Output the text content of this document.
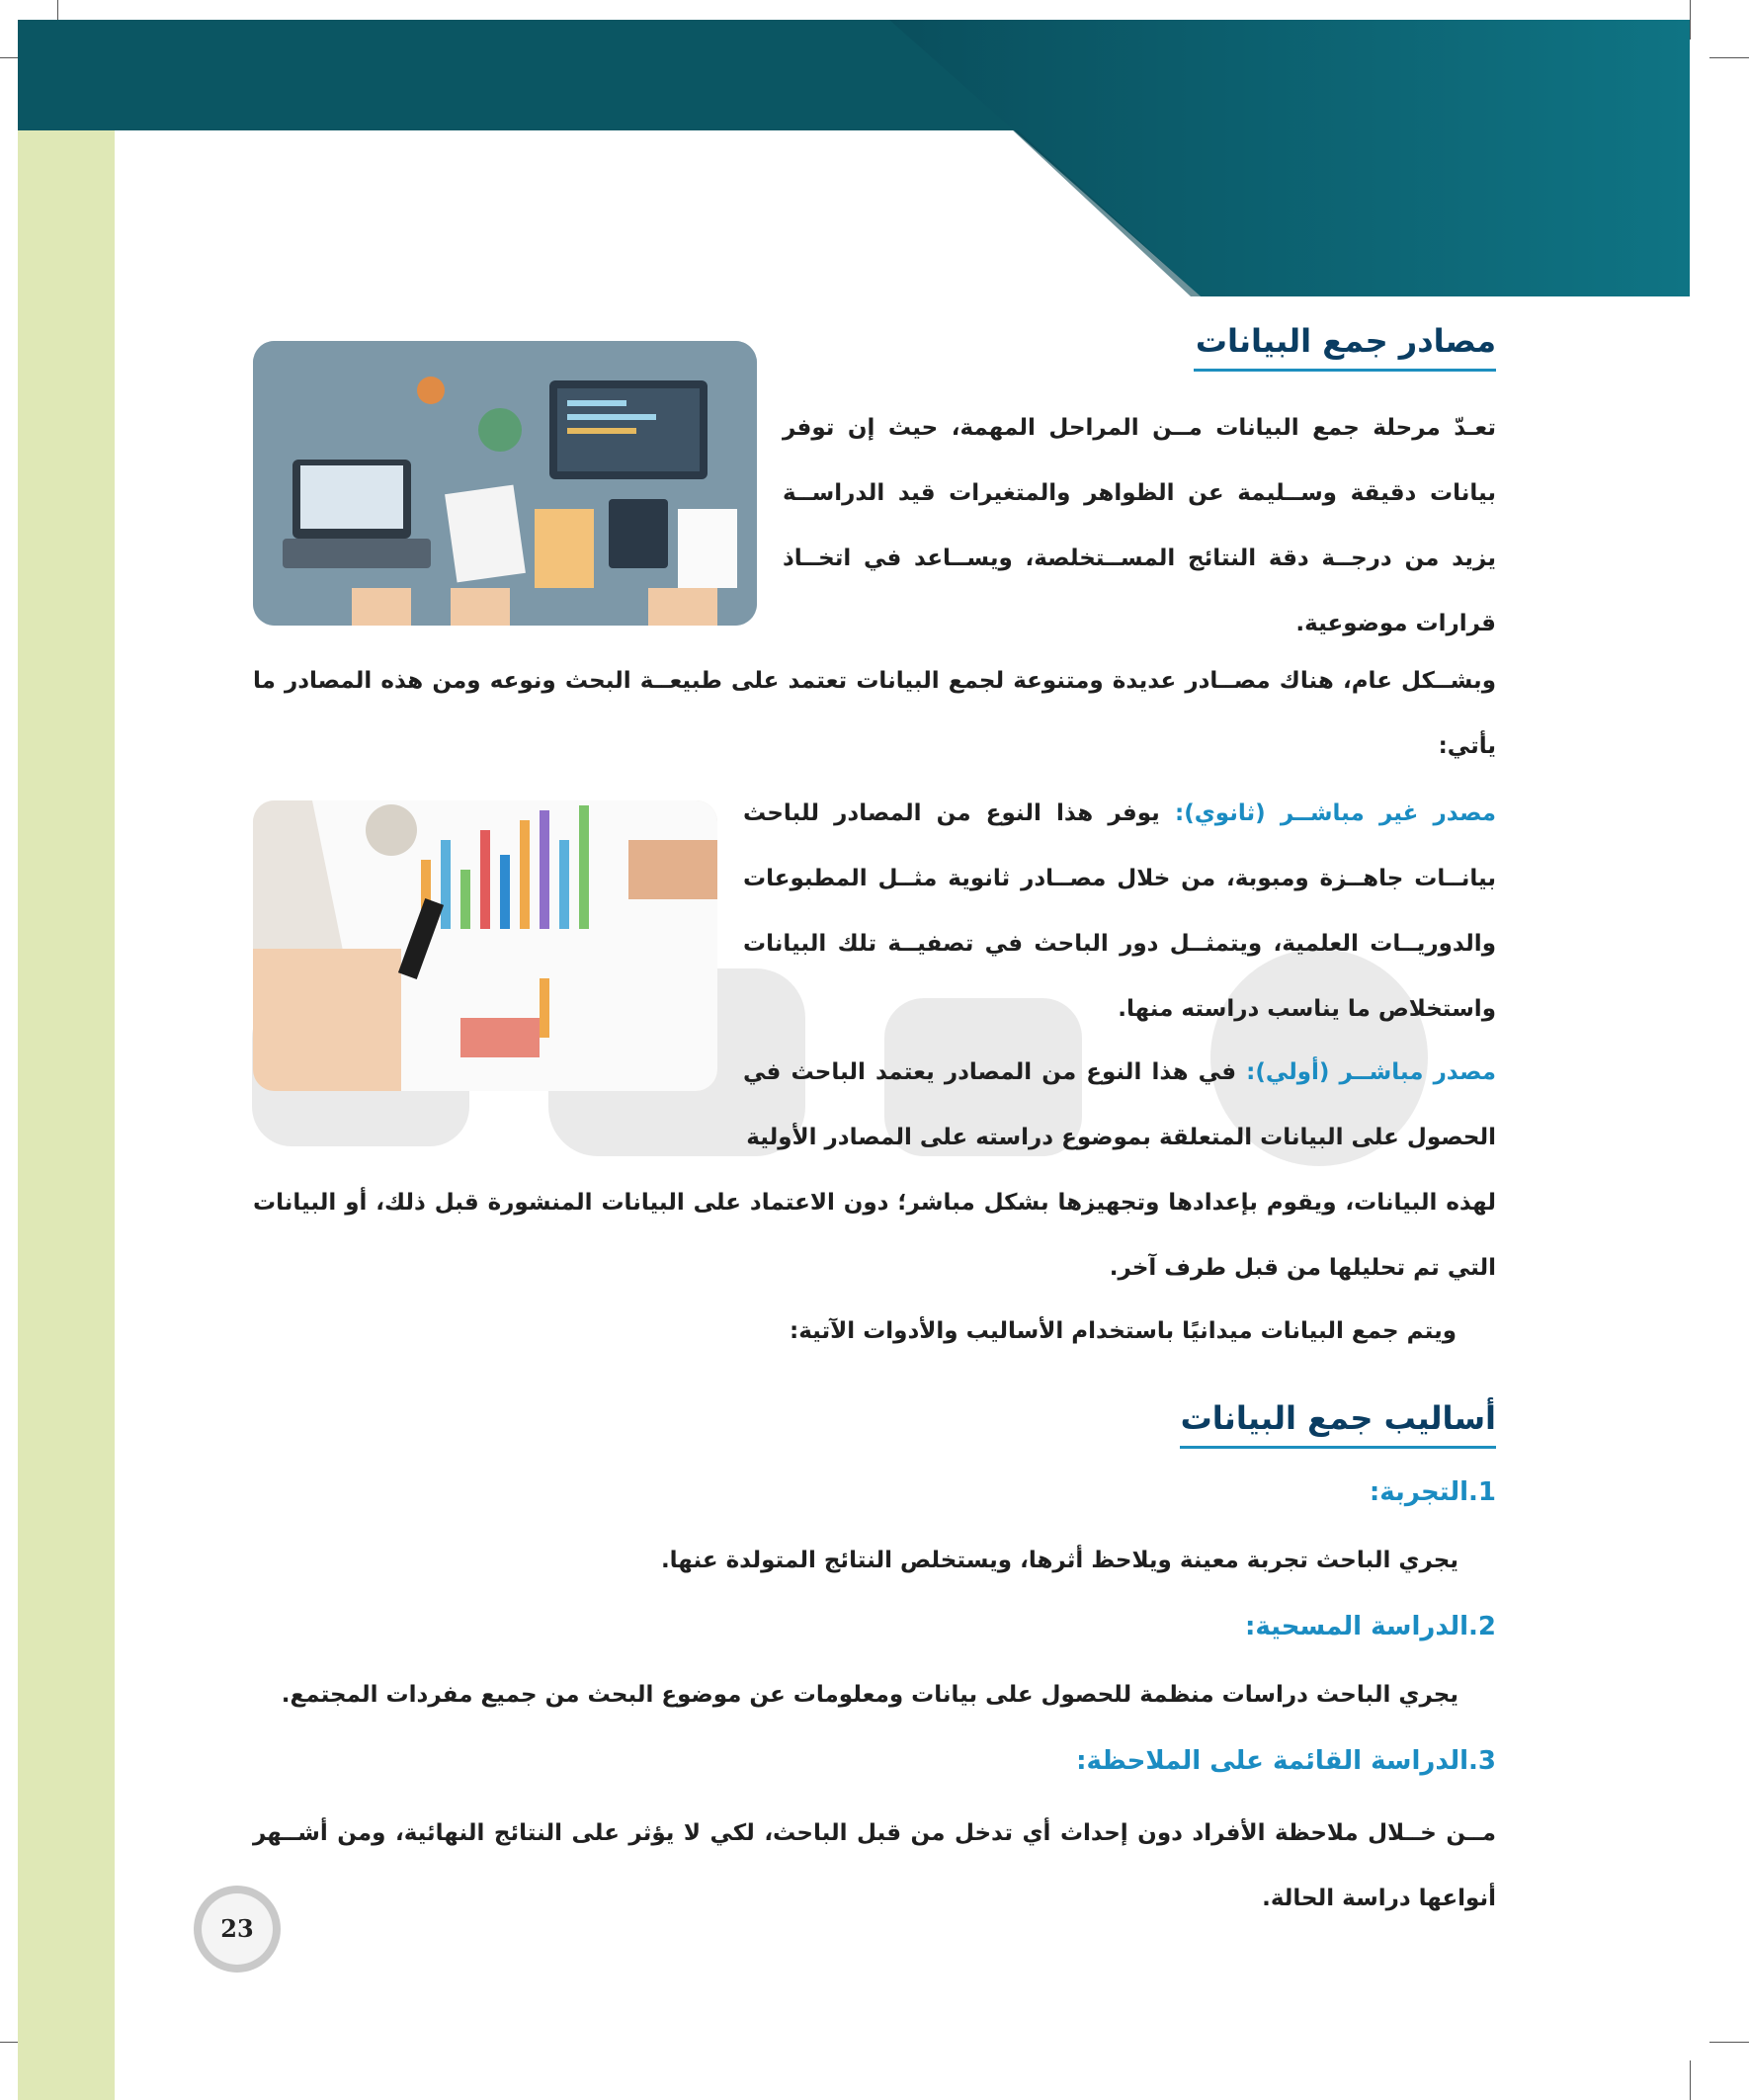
مصادر جمع البيانات

تعـدّ مرحلة جمع البيانات مــن المراحل المهمة، حيث إن توفر بيانات دقيقة وســليمة عن الظواهر والمتغيرات قيد الدراســة يزيد من درجــة دقة النتائج المســتخلصة، ويســاعد في اتخــاذ قرارات موضوعية.

وبشــكل عام، هناك مصــادر عديدة ومتنوعة لجمع البيانات تعتمد على طبيعــة البحث ونوعه ومن هذه المصادر ما يأتي:

مصدر غير مباشــر (ثانوي): يوفر هذا النوع من المصادر للباحث بيانــات جاهــزة ومبوبة، من خلال مصــادر ثانوية مثــل المطبوعات والدوريــات العلمية، ويتمثــل دور الباحث في تصفيــة تلك البيانات واستخلاص ما يناسب دراسته منها.

مصدر مباشــر (أولي): في هذا النوع من المصادر يعتمد الباحث في الحصول على البيانات المتعلقة بموضوع دراسته على المصادر الأولية

لهذه البيانات، ويقوم بإعدادها وتجهيزها بشكل مباشر؛ دون الاعتماد على البيانات المنشورة قبل ذلك، أو البيانات التي تم تحليلها من قبل طرف آخر.

ويتم جمع البيانات ميدانيًا باستخدام الأساليب والأدوات الآتية:

أساليب جمع البيانات
1.التجربة:

يجري الباحث تجربة معينة ويلاحظ أثرها، ويستخلص النتائج المتولدة عنها.

2.الدراسة المسحية:

يجري الباحث دراسات منظمة للحصول على بيانات ومعلومات عن موضوع البحث من جميع مفردات المجتمع.

3.الدراسة القائمة على الملاحظة:

مــن خــلال ملاحظة الأفراد دون إحداث أي تدخل من قبل الباحث، لكي لا يؤثر على النتائج النهائية، ومن أشــهر أنواعها دراسة الحالة.

23
